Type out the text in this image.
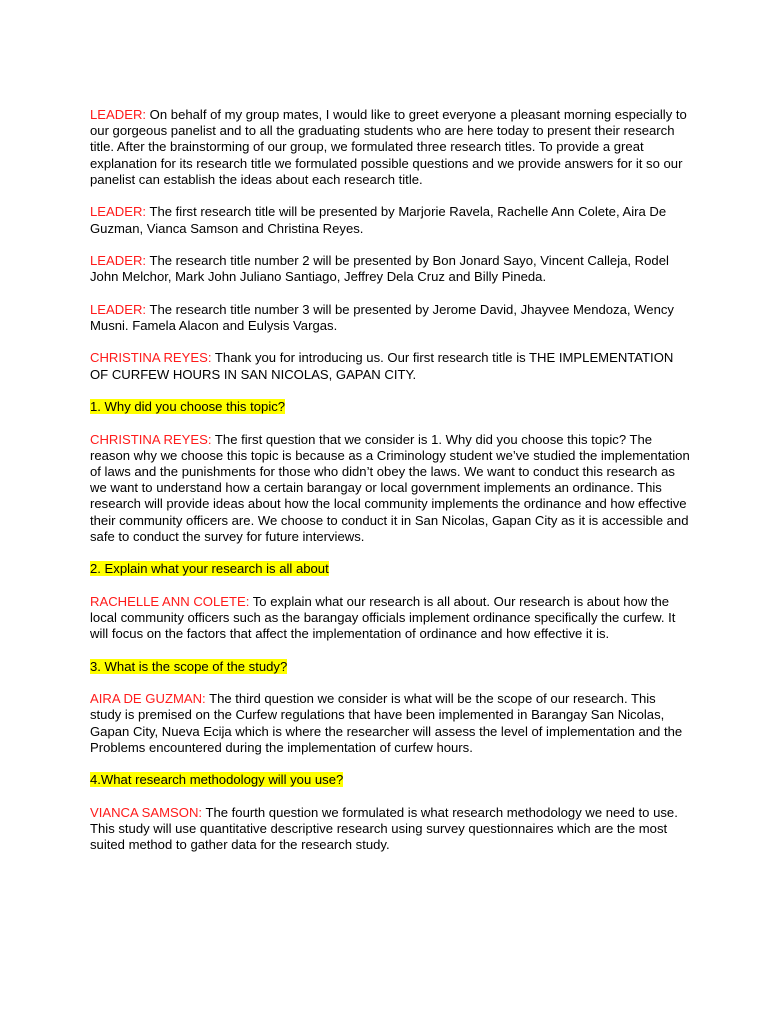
LEADER: On behalf of my group mates, I would like to greet everyone a pleasant morning especially to our gorgeous panelist and to all the graduating students who are here today to present their research title. After the brainstorming of our group, we formulated three research titles. To provide a great explanation for its research title we formulated possible questions and we provide answers for it so our panelist can establish the ideas about each research title.

LEADER: The first research title will be presented by Marjorie Ravela, Rachelle Ann Colete, Aira De Guzman, Vianca Samson and Christina Reyes.

LEADER: The research title number 2 will be presented by Bon Jonard Sayo, Vincent Calleja, Rodel John Melchor, Mark John Juliano Santiago, Jeffrey Dela Cruz and Billy Pineda.

LEADER: The research title number 3 will be presented by Jerome David, Jhayvee Mendoza, Wency Musni. Famela Alacon and Eulysis Vargas.

CHRISTINA REYES: Thank you for introducing us. Our first research title is THE IMPLEMENTATION OF CURFEW HOURS IN SAN NICOLAS, GAPAN CITY.

1. Why did you choose this topic?

CHRISTINA REYES: The first question that we consider is 1. Why did you choose this topic? The reason why we choose this topic is because as a Criminology student we’ve studied the implementation of laws and the punishments for those who didn’t obey the laws. We want to conduct this research as we want to understand how a certain barangay or local government implements an ordinance. This research will provide ideas about how the local community implements the ordinance and how effective their community officers are. We choose to conduct it in San Nicolas, Gapan City as it is accessible and safe to conduct the survey for future interviews.

2. Explain what your research is all about

RACHELLE ANN COLETE: To explain what our research is all about. Our research is about how the local community officers such as the barangay officials implement ordinance specifically the curfew. It will focus on the factors that affect the implementation of ordinance and how effective it is.

3. What is the scope of the study?

AIRA DE GUZMAN: The third question we consider is what will be the scope of our research. This study is premised on the Curfew regulations that have been implemented in Barangay San Nicolas, Gapan City, Nueva Ecija which is where the researcher will assess the level of implementation and the Problems encountered during the implementation of curfew hours.

4.What research methodology will you use?

VIANCA SAMSON: The fourth question we formulated is what research methodology we need to use. This study will use quantitative descriptive research using survey questionnaires which are the most suited method to gather data for the research study.
